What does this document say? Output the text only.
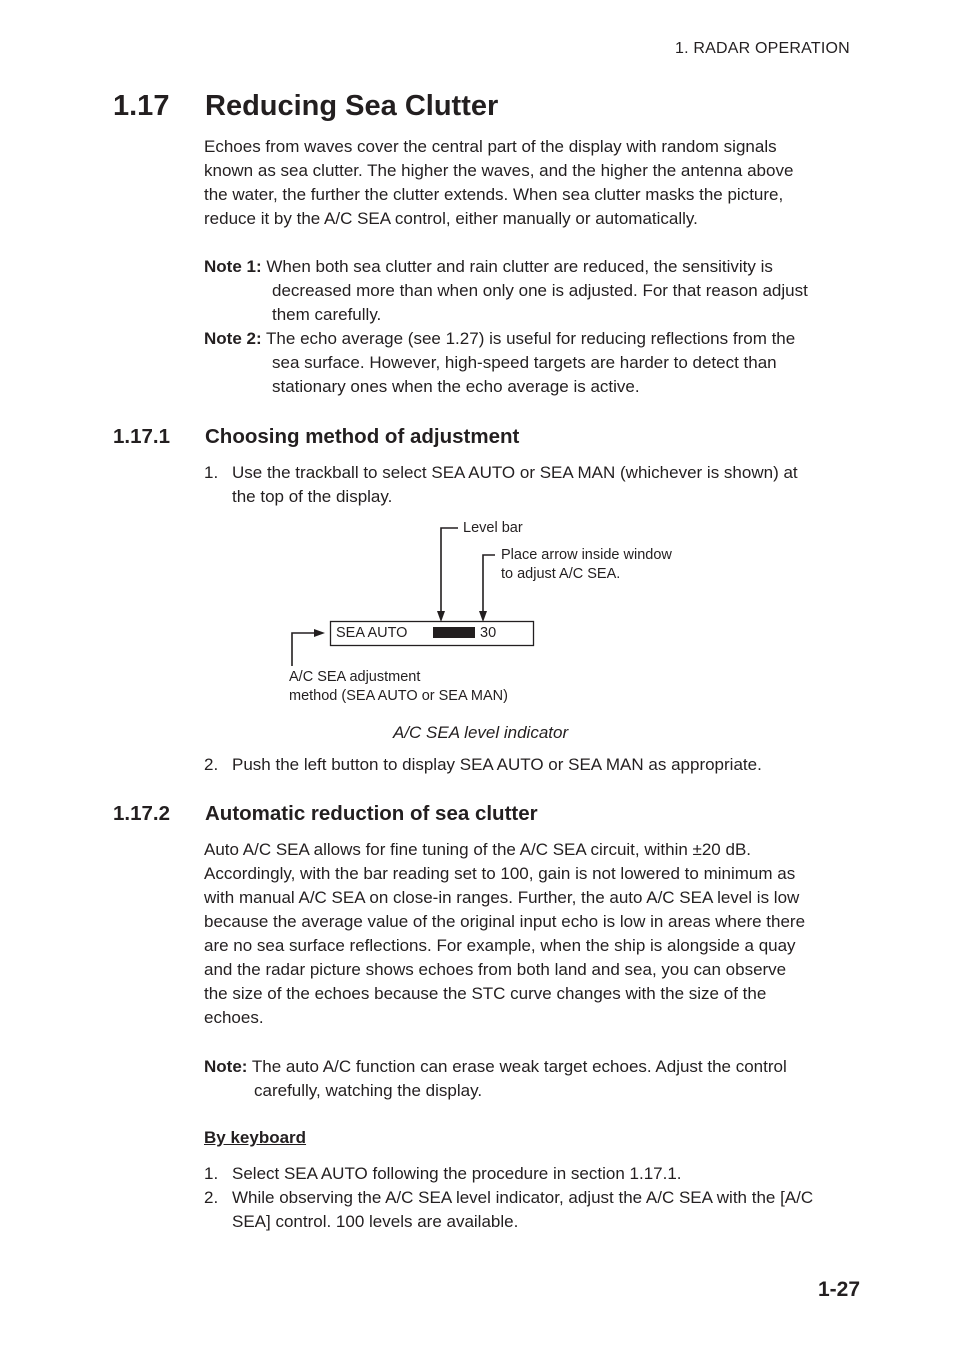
1. RADAR OPERATION
1.17 Reducing Sea Clutter
Echoes from waves cover the central part of the display with random signals
known as sea clutter. The higher the waves, and the higher the antenna above
the water, the further the clutter extends. When sea clutter masks the picture,
reduce it by the A/C SEA control, either manually or automatically.
Note 1: When both sea clutter and rain clutter are reduced, the sensitivity is
decreased more than when only one is adjusted. For that reason adjust
them carefully.
Note 2: The echo average (see 1.27) is useful for reducing reflections from the
sea surface. However, high-speed targets are harder to detect than
stationary ones when the echo average is active.
1.17.1 Choosing method of adjustment
1. Use the trackball to select SEA AUTO or SEA MAN (whichever is shown) at
the top of the display.
Level bar
Place arrow inside window
to adjust A/C SEA.
SEA AUTO	30
A/C SEA adjustment
method (SEA AUTO or SEA MAN)
A/C SEA level indicator
2. Push the left button to display SEA AUTO or SEA MAN as appropriate.
1.17.2 Automatic reduction of sea clutter
Auto A/C SEA allows for fine tuning of the A/C SEA circuit, within ±20 dB.
Accordingly, with the bar reading set to 100, gain is not lowered to minimum as
with manual A/C SEA on close-in ranges. Further, the auto A/C SEA level is low
because the average value of the original input echo is low in areas where there
are no sea surface reflections. For example, when the ship is alongside a quay
and the radar picture shows echoes from both land and sea, you can observe
the size of the echoes because the STC curve changes with the size of the
echoes.
Note: The auto A/C function can erase weak target echoes. Adjust the control
carefully, watching the display.
By keyboard
1. Select SEA AUTO following the procedure in section 1.17.1.
2. While observing the A/C SEA level indicator, adjust the A/C SEA with the [A/C
SEA] control. 100 levels are available.
1-27
